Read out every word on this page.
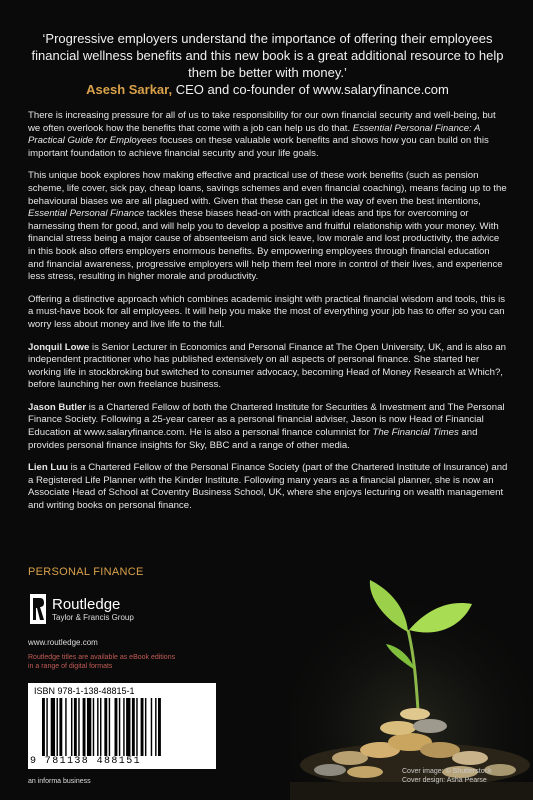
‘Progressive employers understand the importance of offering their employees financial wellness benefits and this new book is a great additional resource to help them be better with money.’
Asesh Sarkar, CEO and co-founder of www.salaryfinance.com

There is increasing pressure for all of us to take responsibility for our own financial security and well-being, but we often overlook how the benefits that come with a job can help us do that. Essential Personal Finance: A Practical Guide for Employees focuses on these valuable work benefits and shows how you can build on this important foundation to achieve financial security and your life goals.

This unique book explores how making effective and practical use of these work benefits (such as pension scheme, life cover, sick pay, cheap loans, savings schemes and even financial coaching), means facing up to the behavioural biases we are all plagued with. Given that these can get in the way of even the best intentions, Essential Personal Finance tackles these biases head-on with practical ideas and tips for overcoming or harnessing them for good, and will help you to develop a positive and fruitful relationship with your money. With financial stress being a major cause of absenteeism and sick leave, low morale and lost productivity, the advice in this book also offers employers enormous benefits. By empowering employees through financial education and financial awareness, progressive employers will help them feel more in control of their lives, and experience less stress, resulting in higher morale and productivity.

Offering a distinctive approach which combines academic insight with practical financial wisdom and tools, this is a must-have book for all employees. It will help you make the most of everything your job has to offer so you can worry less about money and live life to the full.

Jonquil Lowe is Senior Lecturer in Economics and Personal Finance at The Open University, UK, and is also an independent practitioner who has published extensively on all aspects of personal finance. She started her working life in stockbroking but switched to consumer advocacy, becoming Head of Money Research at Which?, before launching her own freelance business.

Jason Butler is a Chartered Fellow of both the Chartered Institute for Securities & Investment and The Personal Finance Society. Following a 25-year career as a personal financial adviser, Jason is now Head of Financial Education at www.salaryfinance.com. He is also a personal finance columnist for The Financial Times and provides personal finance insights for Sky, BBC and a range of other media.

Lien Luu is a Chartered Fellow of the Personal Finance Society (part of the Chartered Institute of Insurance) and a Registered Life Planner with the Kinder Institute. Following many years as a financial planner, she is now an Associate Head of School at Coventry Business School, UK, where she enjoys lecturing on wealth management and writing books on personal finance.

PERSONAL FINANCE
Routledge
Taylor & Francis Group
www.routledge.com
Routledge titles are available as eBook editions in a range of digital formats
ISBN 978-1-138-48815-1
9 781138 488151
an informa business
Cover image: © Shutterstock
Cover design: Asha Pearse
